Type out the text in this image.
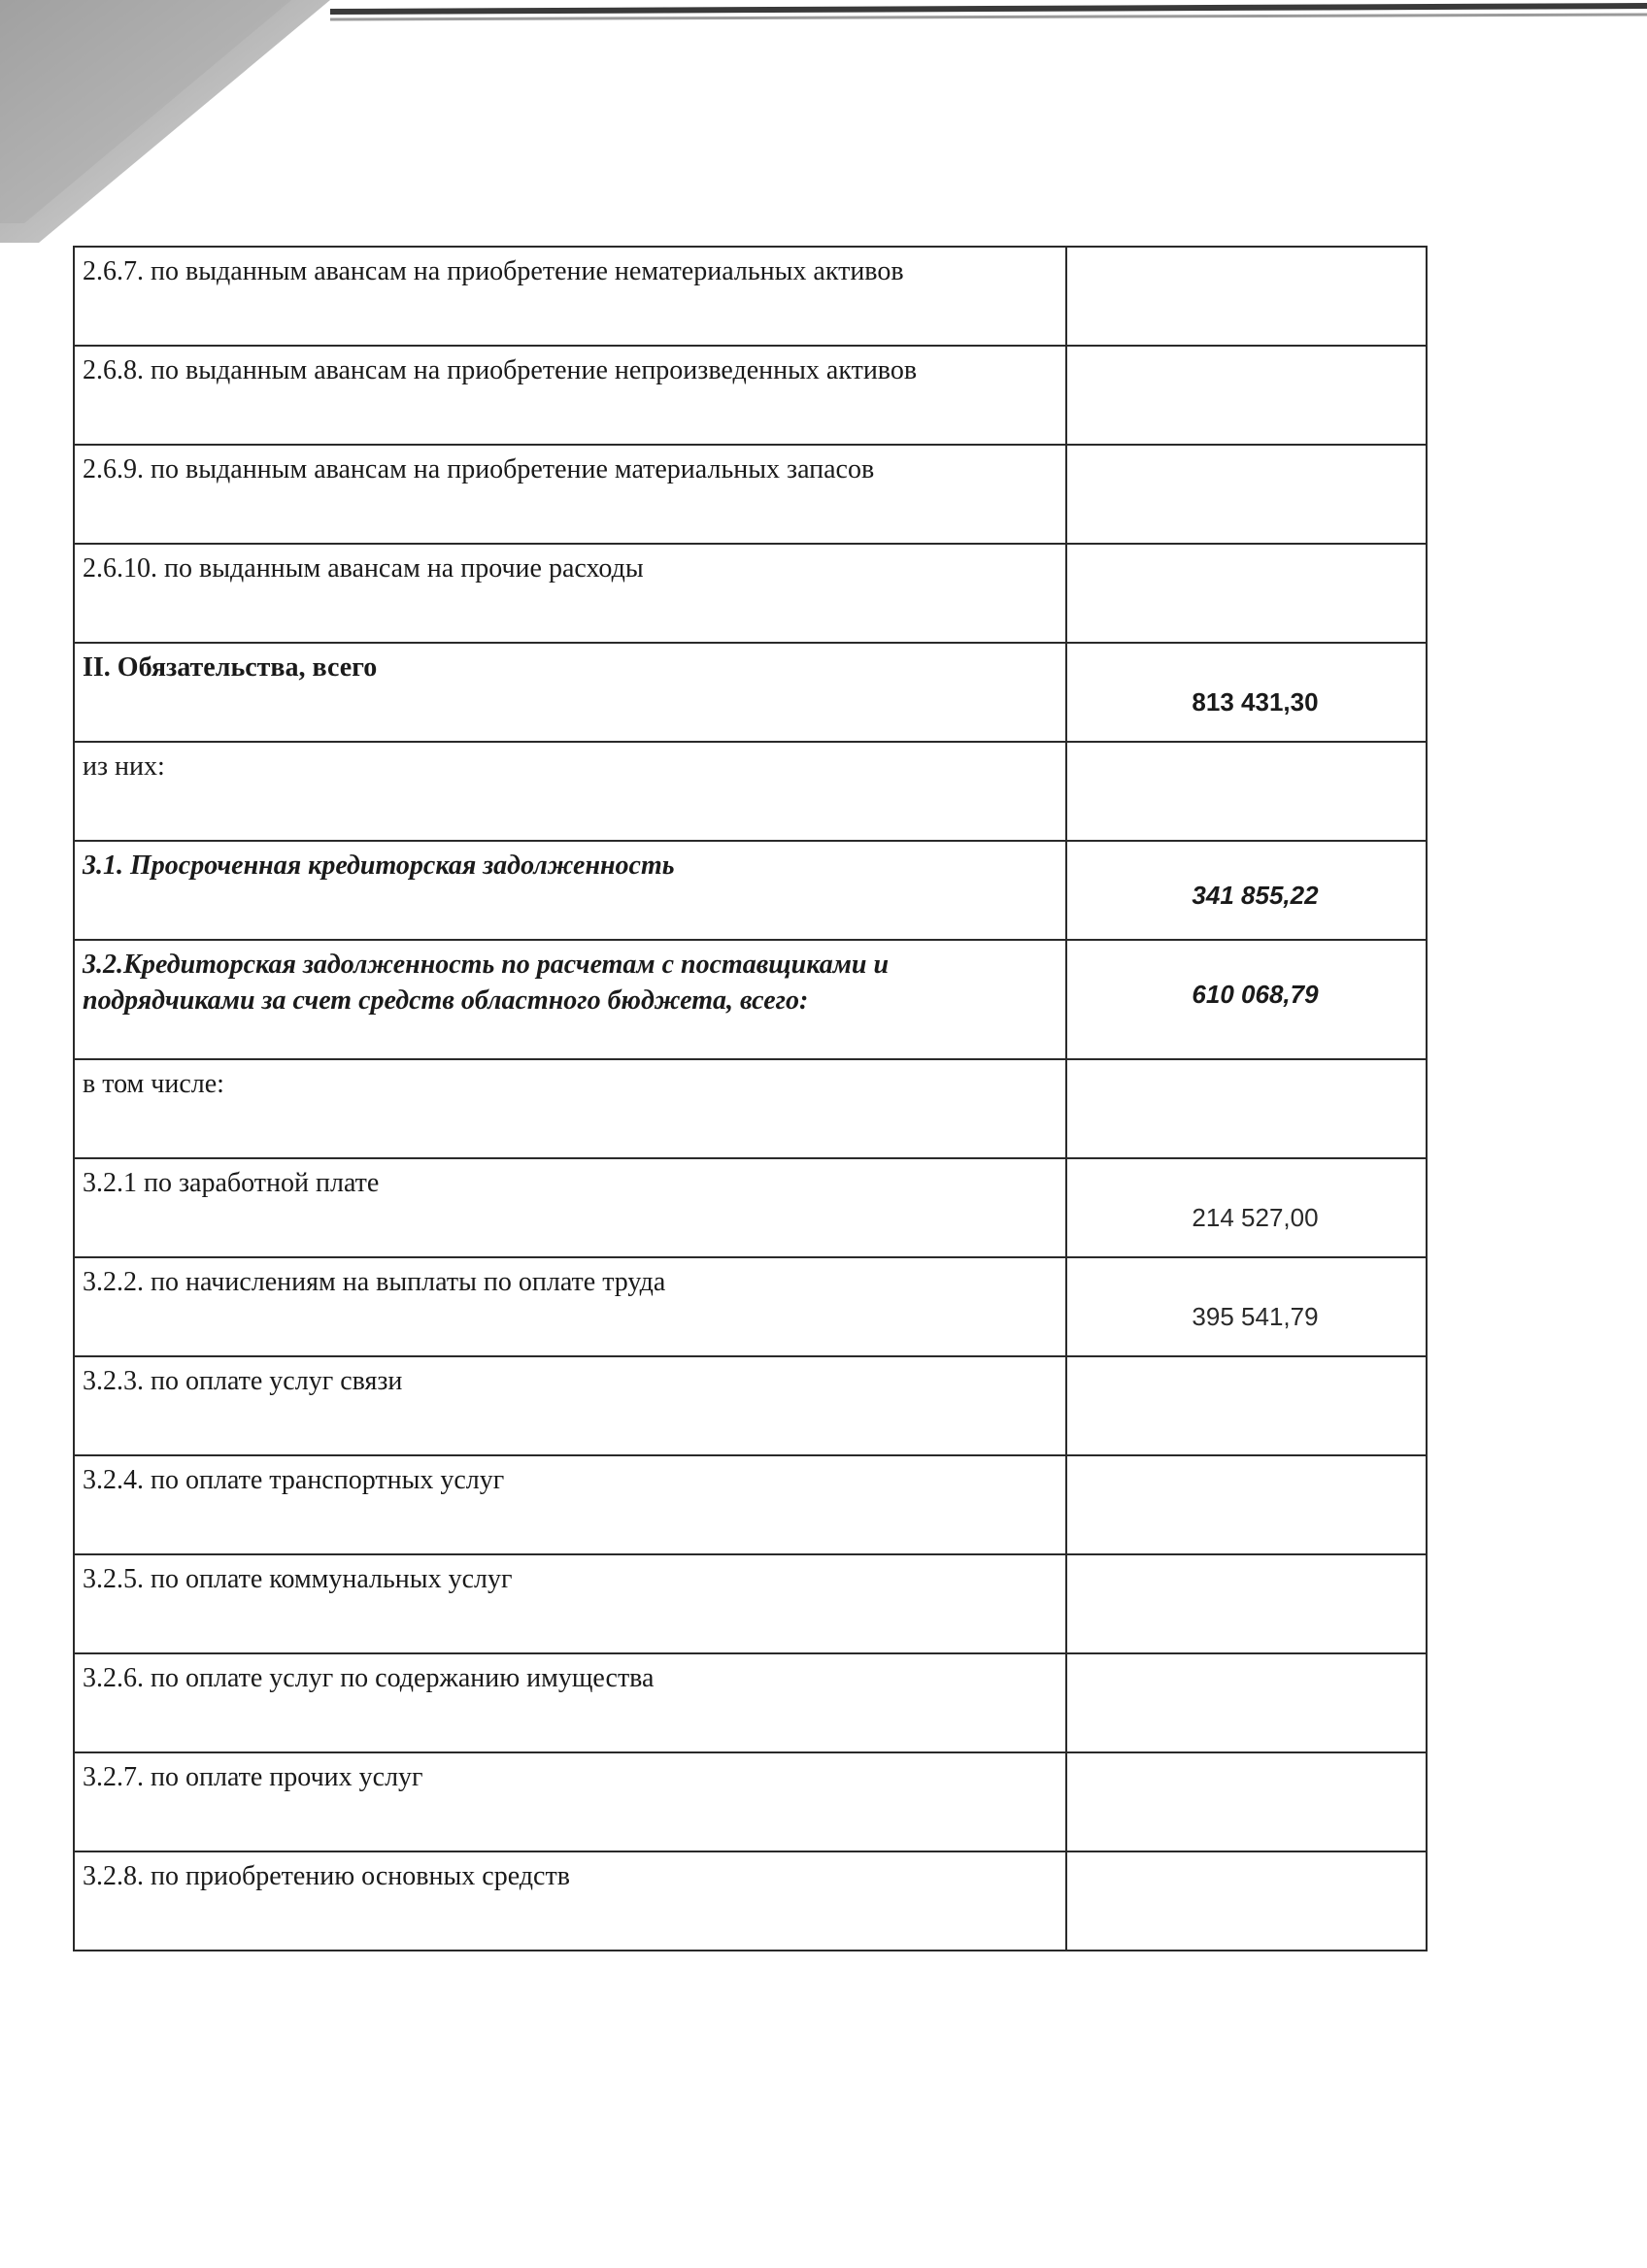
2.6.7. по выданным авансам на приобретение нематериальных активов	

2.6.8. по выданным авансам на приобретение непроизведенных активов	

2.6.9. по выданным авансам на приобретение материальных запасов	

2.6.10. по выданным авансам на прочие расходы	

II. Обязательства, всего	813 431,30

из них:	

3.1. Просроченная кредиторская задолженность	341 855,22

3.2.Кредиторская задолженность по расчетам с поставщиками и подрядчиками за счет средств областного бюджета, всего:	610 068,79

в том числе:	

3.2.1 по заработной плате	214 527,00

3.2.2. по начислениям на выплаты по оплате труда	395 541,79

3.2.3. по оплате услуг связи	

3.2.4. по оплате транспортных услуг	

3.2.5. по оплате коммунальных услуг	

3.2.6. по оплате услуг по содержанию имущества	

3.2.7. по оплате прочих услуг	

3.2.8. по приобретению основных средств	
